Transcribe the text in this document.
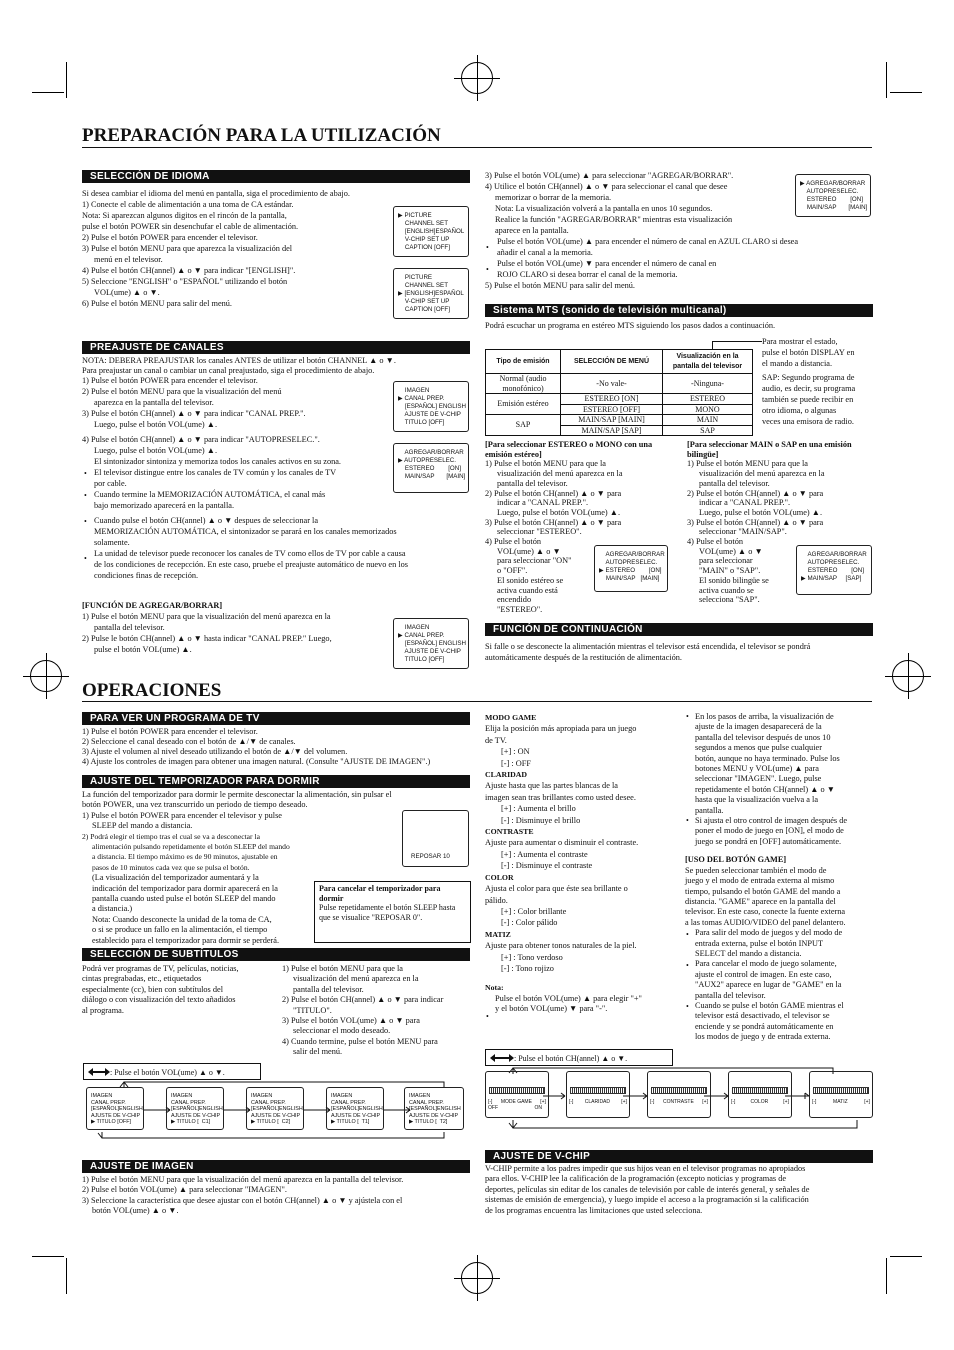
PREPARACIÓN PARA LA UTILIZACIÓN
OPERACIONES
SELECCIÓN DE IDIOMA

Si desea cambiar el idioma del menú en pantalla, siga el procedimiento de abajo.

1) Conecte el cable de alimentación a una toma de CA estándar.

Nota: Si aparezcan algunos digitos en el rincón de la pantalla,

pulse el botón POWER sin desenchufar el cable de alimentación.

2) Pulse el botón POWER para encender el televisor.

3) Pulse el botón MENU para que aparezca la visualización del

menú en el televisor.

4) Pulse el botón CH(annel) ▲ o ▼ para indicar "[ENGLISH]".

5) Seleccione "ENGLISH" o "ESPAÑOL" utilizando el botón

VOL(ume) ▲ o ▼.

6) Pulse el botón MENU para salir del menú.

▶ PICTURE
CHANNEL SET
[ENGLISH]ESPAÑOL
V-CHIP SET UP
CAPTION [OFF]
PICTURE
CHANNEL SET
▶ [ENGLISH]ESPAÑOL
V-CHIP SET UP
CAPTION [OFF]
PREAJUSTE DE CANALES

NOTA: DEBERA PREAJUSTAR los canales ANTES de utilizar el botón CHANNEL ▲ o ▼.

Para preajustar un canal o cambiar un canal preajustado, siga el procedimiento de abajo.

1) Pulse el botón POWER para encender el televisor.

2) Pulse el botón MENU para que la visualización del menú

aparezca en la pantalla del televisor.

3) Pulse el botón CH(annel) ▲ o ▼ para indicar "CANAL PREP.".

Luego, pulse el botón VOL(ume) ▲.

4) Pulse el botón CH(annel) ▲ o ▼ para indicar "AUTOPRESELEC.".

Luego, pulse el botón VOL(ume) ▲.

El sintonizador sintoniza y memoriza todos los canales activos en su zona.

El televisor distingue entre los canales de TV común y los canales de TV

por cable.

Cuando termine la MEMORIZACIÓN AUTOMÁTICA, el canal más

bajo memorizado aparecerá en la pantalla.

Cuando pulse el botón CH(annel) ▲ o ▼ despues de seleccionar la

MEMORIZACIÓN AUTOMÁTICA, el sintonizador se parará en los canales memorizados

solamente.

La unidad de televisor puede reconocer los canales de TV como ellos de TV por cable a causa

de los condiciones de recepcción. En este caso, pruebe el preajuste automático de nuevo en los

condiciones finas de recepción.

•
•
•
•
IMAGEN
▶ CANAL PREP.
[ESPAÑOL] ENGLISH
AJUSTE DE V-CHIP
TITULO [OFF]
AGREGAR/BORRAR
▶ AUTOPRESELEC.
ESTEREO        [ON]
MAIN/SAP       [MAIN]

[FUNCIÓN DE AGREGAR/BORRAR]

1) Pulse el botón MENU para que la visualización del menú aparezca en la

pantalla del televisor.

2) Pulse le botón CH(annel) ▲ o ▼ hasta indicar "CANAL PREP." Luego,

pulse el botón VOL(ume) ▲.

IMAGEN
▶ CANAL PREP.
[ESPAÑOL] ENGLISH
AJUSTE DE V-CHIP
TITULO [OFF]

3) Pulse el botón VOL(ume) ▲ para seleccionar "AGREGAR/BORRAR".

4) Utilice el botón CH(annel) ▲ o ▼ para seleccionar el canal que desee

memorizar o borrar de la memoria.

Nota: La visualización volverá a la pantalla en unos 10 segundos.

Realice la función "AGREGAR/BORRAR" mientras esta visualización

aparece en la pantalla.

Pulse el botón VOL(ume) ▲ para encender el número de canal en AZUL CLARO si desea

añadir el canal a la memoria.

Pulse el botón VOL(ume) ▼ para encender el número de canal en

ROJO CLARO si desea borrar el canal de la memoria.

5) Pulse el botón MENU para salir del menú.

•
•
▶ AGREGAR/BORRAR
AUTOPRESELEC.
ESTEREO        [ON]
MAIN/SAP       [MAIN]
Sistema MTS (sonido de televisión multicanal)
Podrá escuchar un programa en estéreo MTS siguiendo los pasos dados a continuación.
Tipo de emisión	SELECCIÓN DE MENÚ	Visualización en la pantalla del televisor
Normal (audio monofónico)	-No vale-	-Ninguna-
Emisión estéreo	ESTEREO [ON]	ESTEREO
	ESTEREO [OFF]	MONO
SAP	MAIN/SAP [MAIN]	MAIN
	MAIN/SAP [SAP]	SAP

Para mostrar el estado,

pulse el botón DISPLAY en

el mando a distancia.

SAP: Segundo programa de

audio, es decir, su programa

también se puede recibir en

otro idioma, o algunas

veces una emisora de radio.

[Para seleccionar ESTEREO o MONO con una emisión estéreo]

1) Pulse el botón MENU para que la

visualización del menú aparezca en la

pantalla del televisor.

2) Pulse el botón CH(annel) ▲ o ▼ para

indicar a "CANAL PREP.".

Luego, pulse el botón VOL(ume) ▲.

3) Pulse el botón CH(annel) ▲ o ▼ para

seleccionar "ESTEREO".

4) Pulse el botón

VOL(ume) ▲ o ▼

para seleccionar "ON"

o "OFF".

El sonido estéreo se

activa cuando está

encendido

"ESTEREO".

AGREGAR/BORRAR
AUTOPRESELEC.
▶ ESTEREO        [ON]
MAIN/SAP   [MAIN]

[Para seleccionar MAIN o SAP en una emisión bilingüe]

1) Pulse el botón MENU para que la

visualización del menú aparezca en la

pantalla del televisor.

2) Pulse el botón CH(annel) ▲ o ▼ para

indicar a "CANAL PREP.".

Luego, pulse el botón VOL(ume) ▲.

3) Pulse el botón CH(annel) ▲ o ▼ para

seleccionar "MAIN/SAP".

4) Pulse el botón

VOL(ume) ▲ o ▼

para seleccionar

"MAIN" o "SAP".

El sonido bilingüe se

activa cuando se

selecciona "SAP".

AGREGAR/BORRAR
AUTOPRESELEC.
ESTEREO        [ON]
▶ MAIN/SAP     [SAP]
FUNCIÓN DE CONTINUACIÓN

Si falle o se desconecte la alimentación mientras el televisor está encendida, el televisor se pondrá

automáticamente después de la restitución de alimentación.

PARA VER UN PROGRAMA DE TV

1) Pulse el botón POWER para encender el televisor.

2) Seleccione el canal deseado con el botón de ▲/▼ de canales.

3) Ajuste el volumen al nivel deseado utilizando el botón de ▲/▼ del volumen.

4) Ajuste los controles de imagen para obtener una imagen natural. (Consulte "AJUSTE DE IMAGEN".)

AJUSTE DEL TEMPORIZADOR PARA DORMIR

La función del temporizador para dormir le permite desconectar la alimentación, sin pulsar el

botón POWER, una vez transcurrido un periodo de tiempo deseado.

1) Pulse el botón POWER para encender el televisor y pulse

SLEEP del mando a distancia.

2) Podrá elegir el tiempo tras el cual se va a desconectar la

alimentación pulsando repetidamente el botón SLEEP del mando

a distancia. El tiempo máximo es de 90 minutos, ajustable en

pasos de 10 minutos cada vez que se pulsa el botón.

(La visualización del temporizador aumentará y la

indicación del temporizador para dormir aparecerá en la

pantalla cuando usted pulse el botón SLEEP del mando

a distancia.)

Nota: Cuando desconecte la unidad de la toma de CA,

o si se produce un fallo en la alimentación, el tiempo

establecido para el temporizador para dormir se perderá.

REPOSAR 10

Para cancelar el temporizador para dormir

Pulse repetidamente el botón SLEEP hasta que se visualice "REPOSAR 0".

SELECCIÓN DE SUBTÍTULOS

Podrá ver programas de TV, películas, noticias,

cintas pregrabadas, etc., etiquetados

especialmente (cc), bien con subtítulos del

diálogo o con visualización del texto añadidos

al programa.

1) Pulse el botón MENU para que la

visualización del menú aparezca en la

pantalla del televisor.

2) Pulse el botón CH(annel) ▲ o ▼ para indicar

"TITULO".

3) Pulse el botón VOL(ume) ▲ o ▼ para

seleccionar el modo deseado.

4) Cuando termine, pulse el botón MENU para

salir del menú.

: Pulse el botón VOL(ume) ▲ o ▼.
IMAGEN
CANAL PREP.
[ESPAÑOL]ENGLISH
AJUSTE DE V-CHIP
▶ TITULO [OFF]
IMAGEN
CANAL PREP.
[ESPAÑOL]ENGLISH
AJUSTE DE V-CHIP
▶ TITULO [  C1]
IMAGEN
CANAL PREP.
[ESPAÑOL]ENGLISH
AJUSTE DE V-CHIP
▶ TITULO [  C2]
IMAGEN
CANAL PREP.
[ESPAÑOL]ENGLISH
AJUSTE DE V-CHIP
▶ TITULO [  T1]
IMAGEN
CANAL PREP.
[ESPAÑOL]ENGLISH
AJUSTE DE V-CHIP
▶ TITULO [  T2]
AJUSTE DE IMAGEN

1) Pulse el botón MENU para que la visualización del menú aparezca en la pantalla del televisor.

2) Pulse el botón VOL(ume) ▲ para seleccionar "IMAGEN".

3) Seleccione la característica que desee ajustar con el botón CH(annel) ▲ o ▼ y ajústela con el

botón VOL(ume) ▲ o ▼.

MODO GAME

Elija la posición más apropiada para un juego

de TV.

[+] : ON

[-] : OFF

CLARIDAD

Ajuste hasta que las partes blancas de la

imagen sean tras brillantes como usted desee.

[+] : Aumenta el brillo

[-] : Disminuye el brillo

CONTRASTE

Ajuste para aumentar o disminuir el contraste.

[+] : Aumenta el contraste

[-] : Disminuye el contraste

COLOR

Ajusta el color para que éste sea brillante o

pálido.

[+] : Color brillante

[-] : Color pálido

MATIZ

Ajuste para obtener tonos naturales de la piel.

[+] : Tono verdoso

[-] : Tono rojizo

Nota:

Pulse el botón VOL(ume) ▲ para elegir "+"

y el botón VOL(ume) ▼ para "-".

•

En los pasos de arriba, la visualización de

ajuste de la imagen desaparecerá de la

pantalla del televisor después de unos 10

segundos a menos que pulse cualquier

botón, aunque no haya terminado. Pulse los

botones MENU y VOL(ume) ▲ para

seleccionar "IMAGEN". Luego, pulse

repetidamente el botón CH(annel) ▲ o ▼

hasta que la visualización vuelva a la

pantalla.

Si ajusta el otro control de imagen después de

poner el modo de juego en [ON], el modo de

juego se pondrá en [OFF] automáticamente.

[USO DEL BOTÓN GAME]

Se pueden seleccionar también el modo de

juego y el modo de entrada externa al mismo

tiempo, pulsando el botón GAME del mando a

distancia. "GAME" aparece en la pantalla del

televisor. En este caso, conecte la fuente externa

a las tomas AUDIO/VIDEO del panel delantero.

Para salir del modo de juegos y del modo de

entrada externa, pulse el botón INPUT

SELECT del mando a distancia.

Para cancelar el modo de juego solamente,

ajuste el control de imagen. En este caso,

"AUX2" aparece en lugar de "GAME" en la

pantalla del televisor.

Cuando se pulse el botón GAME mientras el

televisor está desactivado, el televisor se

enciende y se pondrá automáticamente en

los modos de juego y de entrada externa.

•
•
•
•
•
: Pulse el botón CH(annel) ▲ o ▼.
[-] MODE GAME [+]
OFF	ON
[-] CLARIDAD [+]	[-] CONTRASTE [+]	[-]	COLOR	[+]	[-]	MATIZ	[+]
AJUSTE DE V-CHIP

V-CHIP permite a los padres impedir que sus hijos vean en el televisor programas no apropiados

para ellos. V-CHIP lee la calificación de la programación (excepto noticias y programas de

deportes, películas sin editar de los canales de televisión por cable de interés general, y señales de

sistemas de emisión de emergencia), y luego impide el acceso a la programación si la calificación

de los programas encuentra las limitaciones que usted selecciona.
